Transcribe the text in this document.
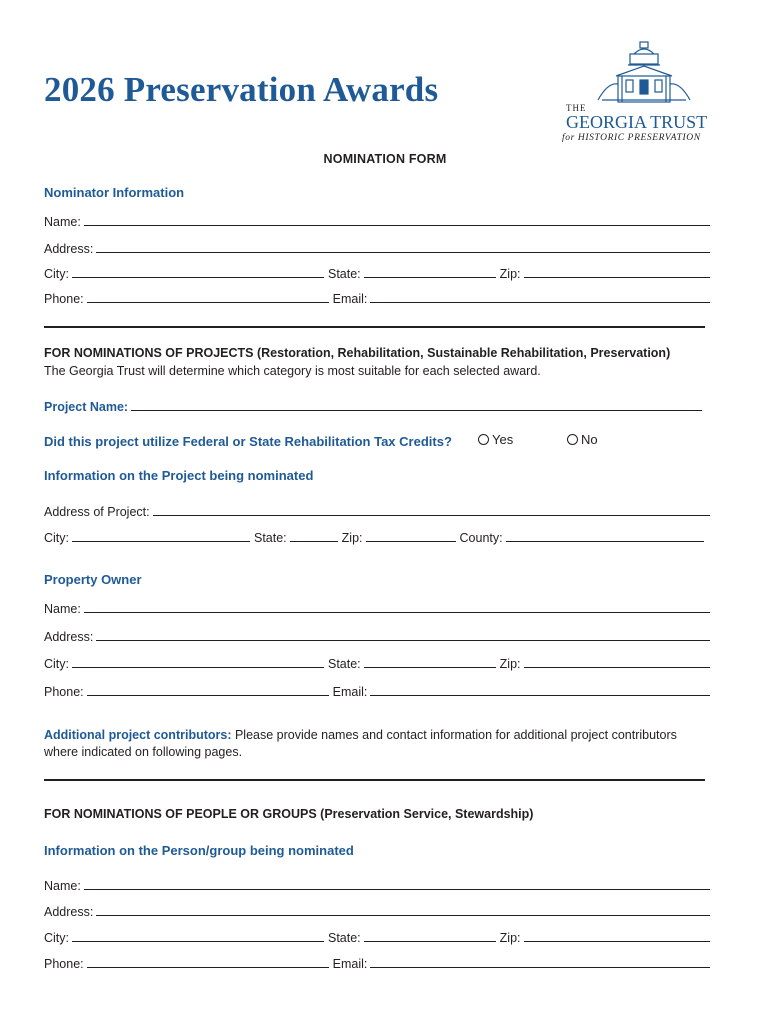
2026 Preservation Awards	THE
GEORGIA TRUST
for HISTORIC PRESERVATION
NOMINATION FORM
Nominator Information
Name:
Address:
City:	State:	Zip:
Phone:	Email:
FOR NOMINATIONS OF PROJECTS (Restoration, Rehabilitation, Sustainable Rehabilitation, Preservation)
The Georgia Trust will determine which category is most suitable for each selected award.
Project Name:
Did this project utilize Federal or State Rehabilitation Tax Credits?	Yes	No
Information on the Project being nominated
Address of Project:
City:	State:	Zip:	County:
Property Owner
Name:
Address:
City:	State:	Zip:
Phone:	Email:
Additional project contributors: Please provide names and contact information for additional project contributors where indicated on following pages.
FOR NOMINATIONS OF PEOPLE OR GROUPS (Preservation Service, Stewardship)
Information on the Person/group being nominated
Name:
Address:
City:	State:	Zip:
Phone:	Email:
